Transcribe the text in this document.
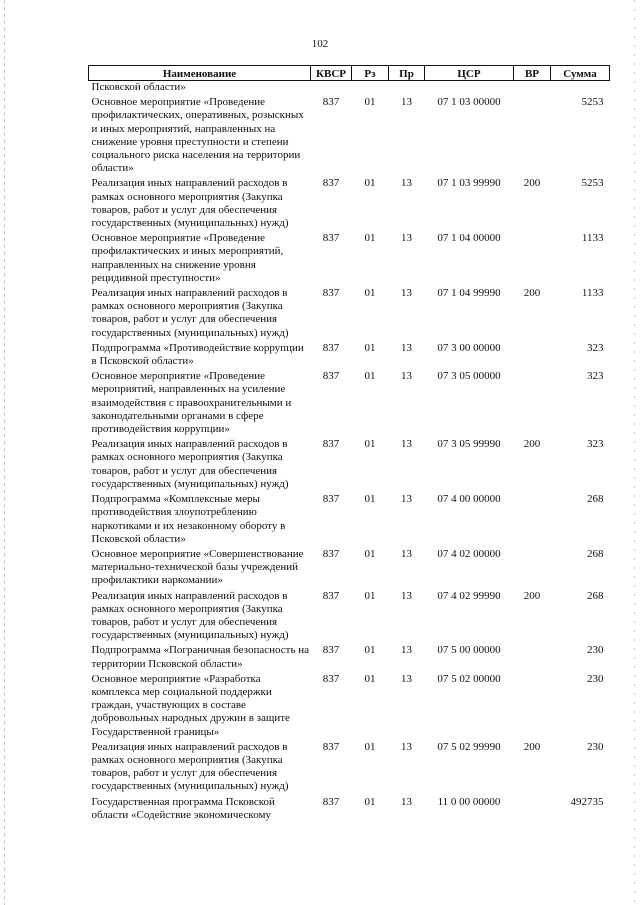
102
Наименование	КВСР	Рз	Пр	ЦСР	ВР	Сумма
Псковской области»						
Основное мероприятие «Проведение профилактических, оперативных, розыскных и иных мероприятий, направленных на снижение уровня преступности и степени социального риска населения на территории области»	837	01	13	07 1 03 00000		5253
Реализация иных направлений расходов в рамках основного мероприятия (Закупка товаров, работ и услуг для обеспечения государственных (муниципальных) нужд)	837	01	13	07 1 03 99990	200	5253
Основное мероприятие «Проведение профилактических и иных мероприятий, направленных на снижение уровня рецидивной преступности»	837	01	13	07 1 04 00000		1133
Реализация иных направлений расходов в рамках основного мероприятия (Закупка товаров, работ и услуг для обеспечения государственных (муниципальных) нужд)	837	01	13	07 1 04 99990	200	1133
Подпрограмма «Противодействие коррупции в Псковской области»	837	01	13	07 3 00 00000		323
Основное мероприятие «Проведение мероприятий, направленных на усиление взаимодействия с правоохранительными и законодательными органами в сфере противодействия коррупции»	837	01	13	07 3 05 00000		323
Реализация иных направлений расходов в рамках основного мероприятия (Закупка товаров, работ и услуг для обеспечения государственных (муниципальных) нужд)	837	01	13	07 3 05 99990	200	323
Подпрограмма «Комплексные меры противодействия злоупотреблению наркотиками и их незаконному обороту в Псковской области»	837	01	13	07 4 00 00000		268
Основное мероприятие «Совершенствование материально-технической базы учреждений профилактики наркомании»	837	01	13	07 4 02 00000		268
Реализация иных направлений расходов в рамках основного мероприятия (Закупка товаров, работ и услуг для обеспечения государственных (муниципальных) нужд)	837	01	13	07 4 02 99990	200	268
Подпрограмма «Пограничная безопасность на территории Псковской области»	837	01	13	07 5 00 00000		230
Основное мероприятие «Разработка комплекса мер социальной поддержки граждан, участвующих в составе добровольных народных дружин в защите Государственной границы»	837	01	13	07 5 02 00000		230
Реализация иных направлений расходов в рамках основного мероприятия (Закупка товаров, работ и услуг для обеспечения государственных (муниципальных) нужд)	837	01	13	07 5 02 99990	200	230
Государственная программа Псковской области «Содействие экономическому	837	01	13	11 0 00 00000		492735
